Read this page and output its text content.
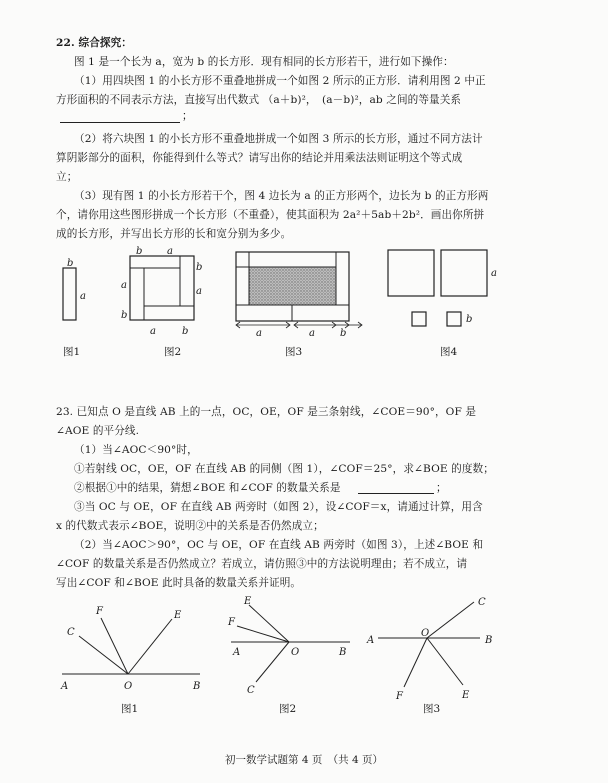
22. 综合探究：
图 1 是一个长为 a，宽为 b 的长方形．现有相同的长方形若干，进行如下操作：
（1）用四块图 1 的小长方形不重叠地拼成一个如图 2 所示的正方形．请利用图 2 中正
方形面积的不同表示方法，直接写出代数式 （a＋b)²，　(a－b)²，ab 之间的等量关系
；
（2）将六块图 1 的小长方形不重叠地拼成一个如图 3 所示的长方形，通过不同方法计
算阴影部分的面积，你能得到什么等式？请写出你的结论并用乘法法则证明这个等式成
立；
（3）现有图 1 的小长方形若干个，图 4 边长为 a 的正方形两个，边长为 b 的正方形两
个，请你用这些图形拼成一个长方形（不重叠），使其面积为 2a²＋5ab＋2b²．画出你所拼
成的长方形，并写出长方形的长和宽分别为多少。
b
a
b a
b
a
a
b
a	b	a	a	b
a
b
图1	图2	图3	图4
23. 已知点 O 是直线 AB 上的一点，OC，OE，OF 是三条射线，∠COE＝90°，OF 是
∠AOE 的平分线.
（1）当∠AOC＜90°时，
①若射线 OC，OE，OF 在直线 AB 的同侧（图 1），∠COF＝25°，求∠BOE 的度数；
②根据①中的结果，猜想∠BOE 和∠COF 的数量关系是	；
③当 OC 与 OE，OF 在直线 AB 两旁时（如图 2），设∠COF＝x，请通过计算，用含
x 的代数式表示∠BOE，说明②中的关系是否仍然成立；
（2）当∠AOC＞90°，OC 与 OE，OF 在直线 AB 两旁时（如图 3），上述∠BOE 和
∠COF 的数量关系是否仍然成立？若成立，请仿照③中的方法说明理由；若不成立，请
写出∠COF 和∠BOE 此时具备的数量关系并证明。
A	O	B
C
F	E
A	O	B
E
F
C
A
O
B
C
F	E
图1	图2	图3
初一数学试题第 4 页　（共 4 页）
